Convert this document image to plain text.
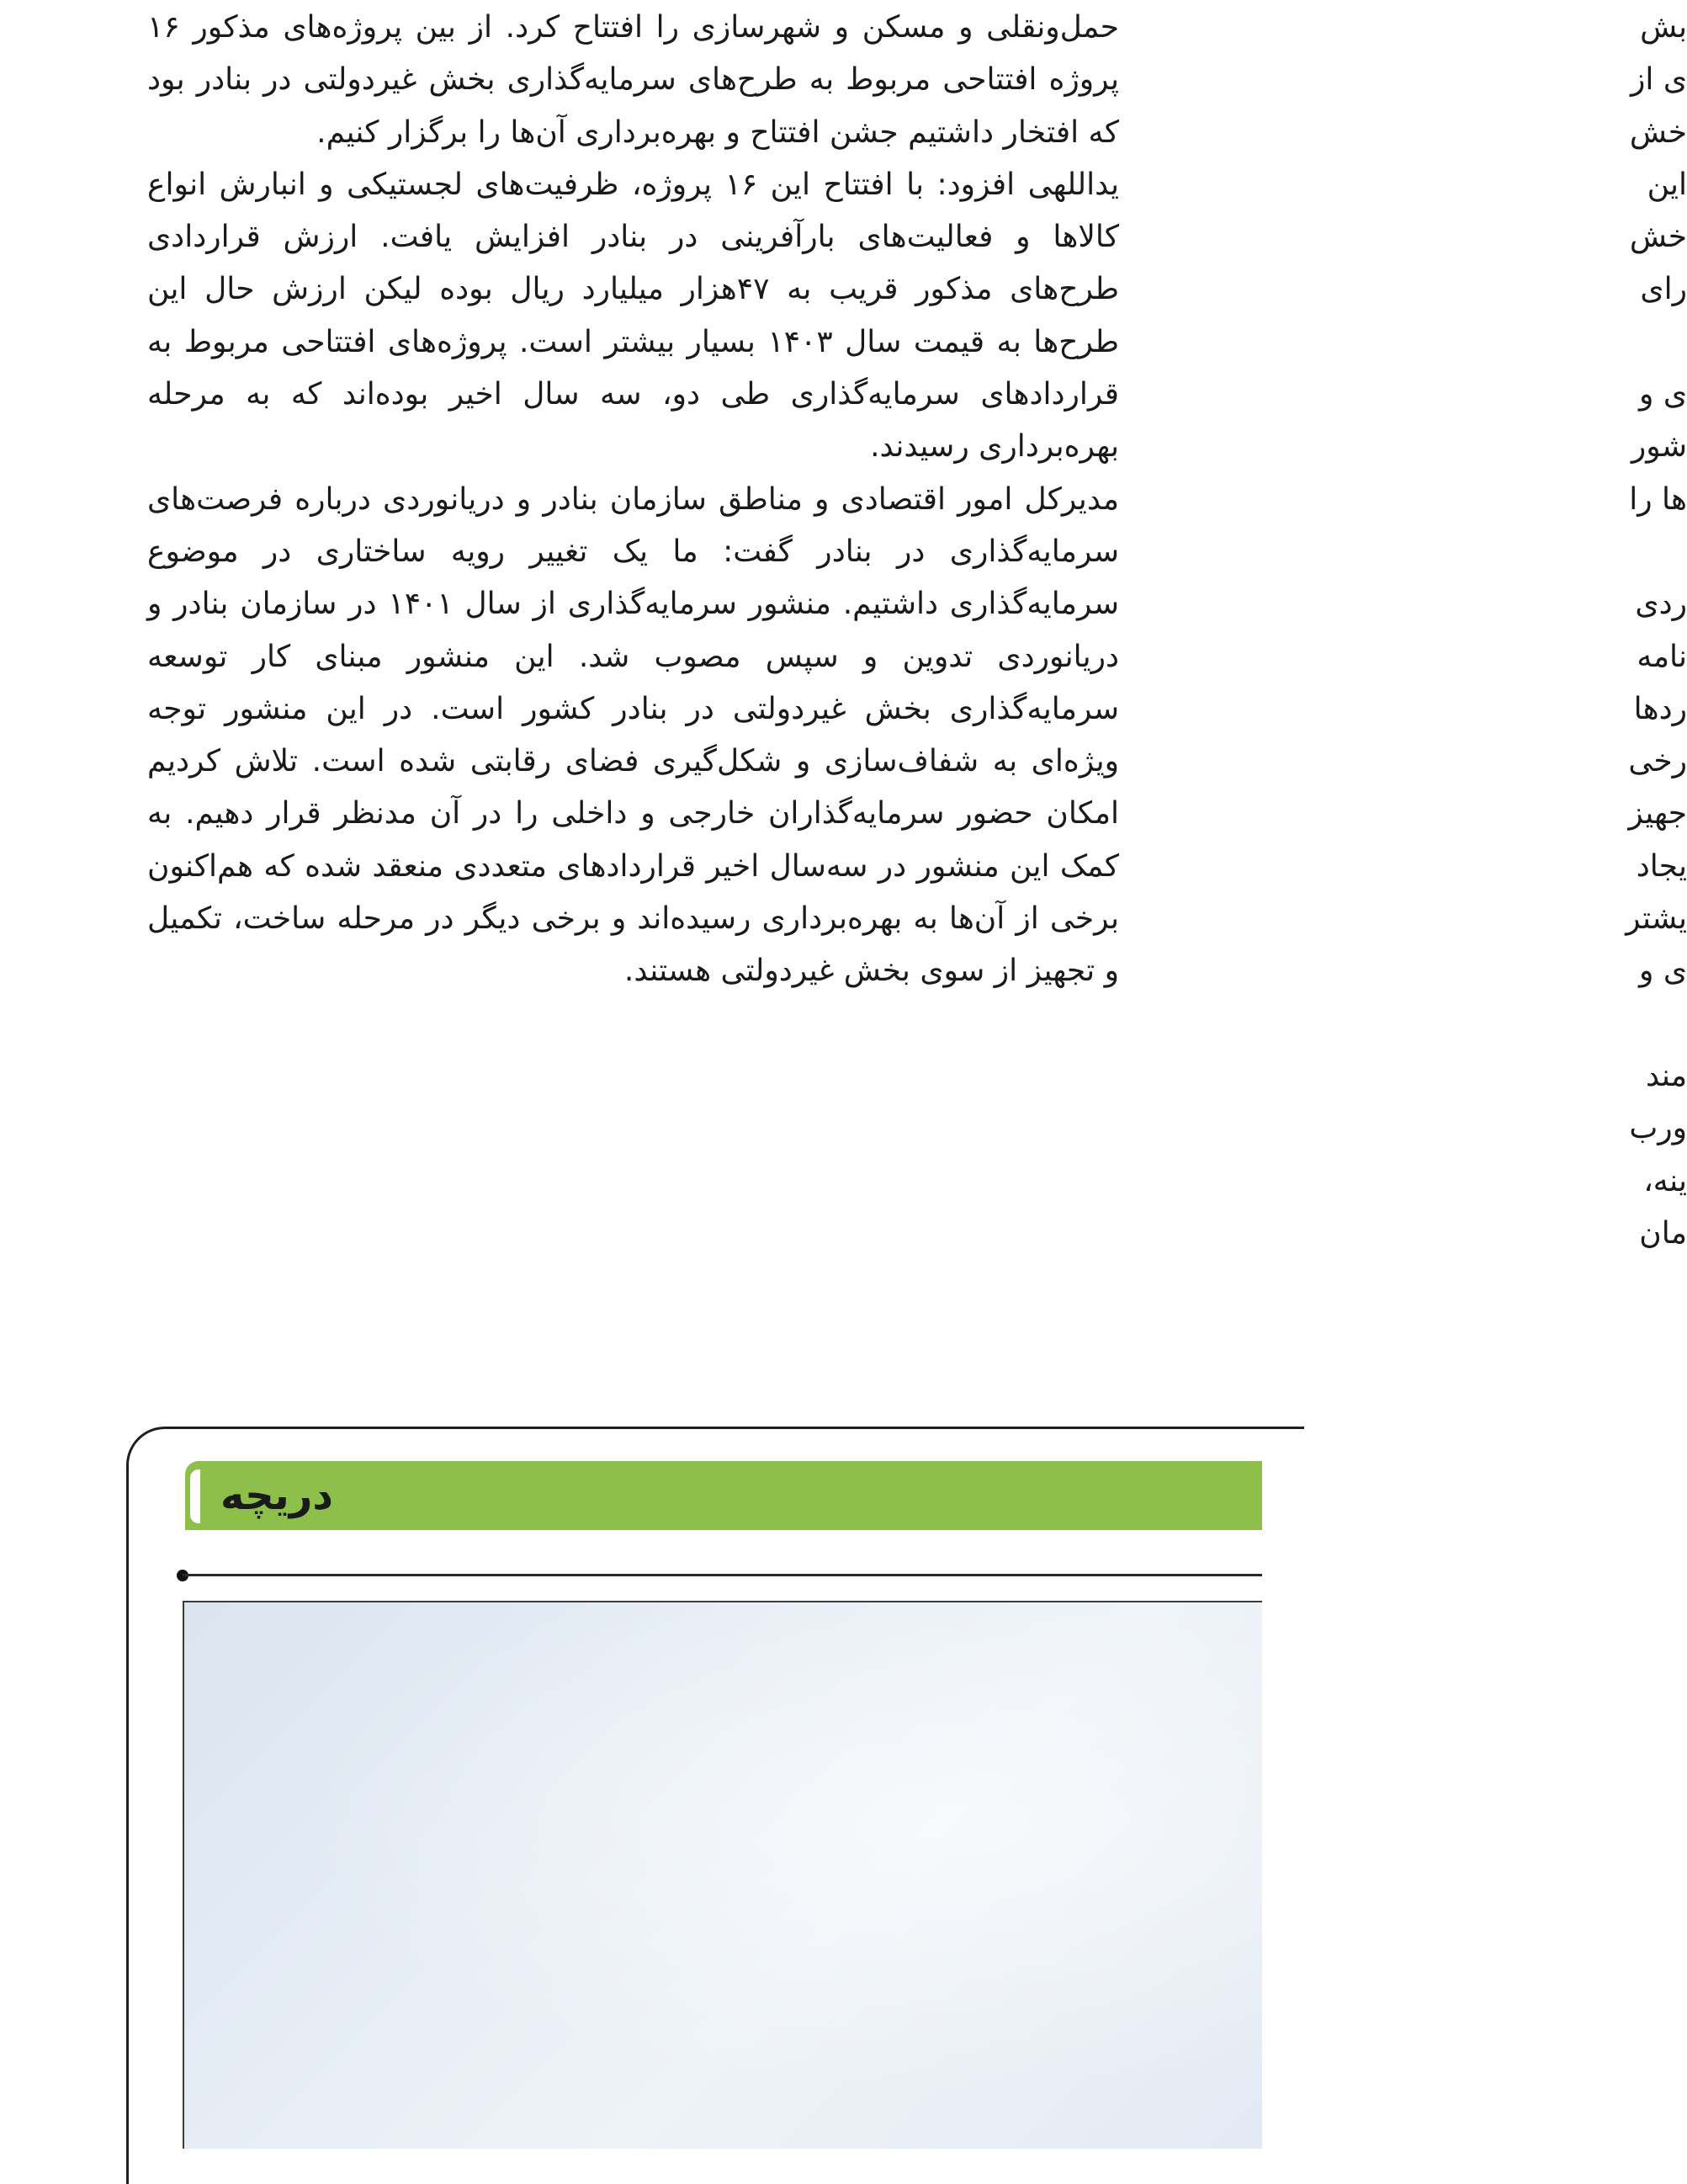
حمل‌ونقلی و مسکن و شهرسازی را افتتاح کرد. از بین پروژه‌های مذکور ۱۶ پروژه افتتاحی مربوط به طرح‌های سرمایه‌گذاری بخش غیردولتی در بنادر بود که افتخار داشتیم جشن افتتاح و بهره‌برداری آن‌ها را برگزار کنیم.

یداللهی افزود: با افتتاح این ۱۶ پروژه، ظرفیت‌های لجستیکی و انبارش انواع کالاها و فعالیت‌های بارآفرینی در بنادر افزایش یافت. ارزش قراردادی طرح‌های مذکور قریب به ۴۷هزار میلیارد ریال بوده لیکن ارزش حال این طرح‌ها به قیمت سال ۱۴۰۳ بسیار بیشتر است. پروژه‌های افتتاحی مربوط به قراردادهای سرمایه‌گذاری طی دو، سه سال اخیر بوده‌اند که به مرحله بهره‌برداری رسیدند.

مدیرکل امور اقتصادی و مناطق سازمان بنادر و دریانوردی درباره فرصت‌های سرمایه‌گذاری در بنادر گفت: ما یک تغییر رویه ساختاری در موضوع سرمایه‌گذاری داشتیم. منشور سرمایه‌گذاری از سال ۱۴۰۱ در سازمان بنادر و دریانوردی تدوین و سپس مصوب شد. این منشور مبنای کار توسعه سرمایه‌گذاری بخش غیردولتی در بنادر کشور است. در این منشور توجه ویژه‌ای به شفاف‌سازی و شکل‌گیری فضای رقابتی شده است. تلاش کردیم امکان حضور سرمایه‌گذاران خارجی و داخلی را در آن مدنظر قرار دهیم. به کمک این منشور در سه‌سال اخیر قراردادهای متعددی منعقد شده که هم‌اکنون برخی از آن‌ها به بهره‌برداری رسیده‌اند و برخی دیگر در مرحله ساخت، تکمیل و تجهیز از سوی بخش غیردولتی هستند.

بش
ی از
خش
این
خش
رای
ی و
شور
ها را
ردی
نامه
ردها
رخی
جهیز
یجاد
یشتر
ی و
مند
ورب
ینه،
مان
دریچه
